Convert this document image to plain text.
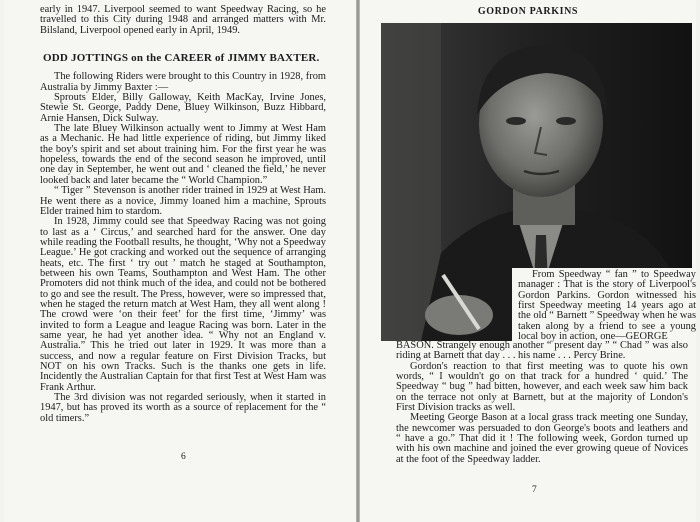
early in 1947. Liverpool seemed to want Speedway Racing, so he travelled to this City during 1948 and arranged matters with Mr. Bilsland, Liverpool opened early in April, 1949.

ODD JOTTINGS on the CAREER of JIMMY BAXTER.

The following Riders were brought to this Country in 1928, from Australia by Jimmy Baxter :—

Sprouts Elder, Billy Galloway, Keith MacKay, Irvine Jones, Stewie St. George, Paddy Dene, Bluey Wilkinson, Buzz Hibbard, Arnie Hansen, Dick Sulway.

The late Bluey Wilkinson actually went to Jimmy at West Ham as a Mechanic. He had little experience of riding, but Jimmy liked the boy's spirit and set about training him. For the first year he was hopeless, towards the end of the second season he improved, until one day in September, he went out and ‘ cleaned the field,’ he never looked back and later became the “ World Champion.”

“ Tiger ” Stevenson is another rider trained in 1929 at West Ham. He went there as a novice, Jimmy loaned him a machine, Sprouts Elder trained him to stardom.

In 1928, Jimmy could see that Speedway Racing was not going to last as a ‘ Circus,’ and searched hard for the answer. One day while reading the Football results, he thought, ‘Why not a Speedway League.’ He got cracking and worked out the sequence of arranging heats, etc. The first ‘ try out ’ match he staged at Southampton, between his own Teams, Southampton and West Ham. The other Promoters did not think much of the idea, and could not be bothered to go and see the result. The Press, however, were so impressed that, when he staged the return match at West Ham, they all went along ! The crowd were ‘on their feet’ for the first time, ‘Jimmy’ was invited to form a League and league Racing was born. Later in the same year, he had yet another idea. “ Why not an England v. Australia.” This he tried out later in 1929. It was more than a success, and now a regular feature on First Division Tracks, but NOT on his own Tracks. Such is the thanks one gets in life. Incidently the Australian Captain for that first Test at West Ham was Frank Arthur.

The 3rd division was not regarded seriously, when it started in 1947, but has proved its worth as a source of replacement for the “ old timers.”

6
GORDON PARKINS

From Speedway “ fan ” to Speedway manager : That is the story of Liverpool's Gordon Parkins. Gordon witnessed his first Speedway meeting 14 years ago at the old “ Barnett ” Speedway when he was taken along by a friend to see a young local boy in action, one—GEORGE

BASON. Strangely enough another “ present day ” “ Chad ” was also riding at Barnett that day . . . his name . . . Percy Brine.

Gordon's reaction to that first meeting was to quote his own words, “ I wouldn't go on that track for a hundred ‘ quid.’ The Speedway “ bug ” had bitten, however, and each week saw him back on the terrace not only at Barnett, but at the majority of London's First Division tracks as well.

Meeting George Bason at a local grass track meeting one Sunday, the newcomer was persuaded to don George's boots and leathers and “ have a go.” That did it ! The following week, Gordon turned up with his own machine and joined the ever growing queue of Novices at the foot of the Speedway ladder.

7
